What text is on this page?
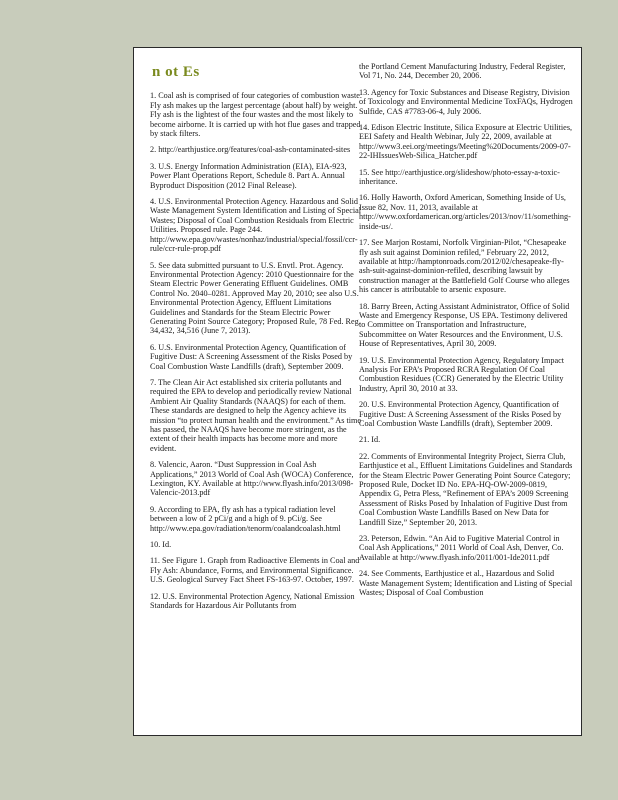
n ot Es

1. Coal ash is comprised of four categories of combustion waste. Fly ash makes up the largest percentage (about half) by weight. Fly ash is the lightest of the four wastes and the most likely to become airborne. It is carried up with hot flue gases and trapped by stack filters.

2. http://earthjustice.org/features/coal-ash-contaminated-sites

3. U.S. Energy Information Administration (EIA), EIA-923, Power Plant Operations Report, Schedule 8. Part A. Annual Byproduct Disposition (2012 Final Release).

4. U.S. Environmental Protection Agency. Hazardous and Solid Waste Management System Identification and Listing of Special Wastes; Disposal of Coal Combustion Residuals from Electric Utilities. Proposed rule. Page 244. http://www.epa.gov/wastes/nonhaz/industrial/special/fossil/ccr-rule/ccr-rule-prop.pdf

5. See data submitted pursuant to U.S. Envtl. Prot. Agency. Environmental Protection Agency: 2010 Questionnaire for the Steam Electric Power Generating Effluent Guidelines. OMB Control No. 2040–0281. Approved May 20, 2010; see also U.S. Environmental Protection Agency, Effluent Limitations Guidelines and Standards for the Steam Electric Power Generating Point Source Category; Proposed Rule, 78 Fed. Reg. 34,432, 34,516 (June 7, 2013).

6. U.S. Environmental Protection Agency, Quantification of Fugitive Dust: A Screening Assessment of the Risks Posed by Coal Combustion Waste Landfills (draft), September 2009.

7. The Clean Air Act established six criteria pollutants and required the EPA to develop and periodically review National Ambient Air Quality Standards (NAAQS) for each of them. These standards are designed to help the Agency achieve its mission “to protect human health and the environment.” As time has passed, the NAAQS have become more stringent, as the extent of their health impacts has become more and more evident.

8. Valencic, Aaron. “Dust Suppression in Coal Ash Applications,” 2013 World of Coal Ash (WOCA) Conference, Lexington, KY. Available at http://www.flyash.info/2013/098-Valencic-2013.pdf

9. According to EPA, fly ash has a typical radiation level between a low of 2 pCi/g and a high of 9. pCi/g. See http://www.epa.gov/radiation/tenorm/coalandcoalash.html

10. Id.

11. See Figure 1. Graph from Radioactive Elements in Coal and Fly Ash: Abundance, Forms, and Environmental Significance. U.S. Geological Survey Fact Sheet FS-163-97. October, 1997.

12. U.S. Environmental Protection Agency, National Emission Standards for Hazardous Air Pollutants from

the Portland Cement Manufacturing Industry, Federal Register, Vol 71, No. 244, December 20, 2006.

13. Agency for Toxic Substances and Disease Registry, Division of Toxicology and Environmental Medicine ToxFAQs, Hydrogen Sulfide, CAS #7783-06-4, July 2006.

14. Edison Electric Institute, Silica Exposure at Electric Utilities, EEI Safety and Health Webinar, July 22, 2009, available at http://www3.eei.org/meetings/Meeting%20Documents/2009-07-22-IHIssuesWeb-Silica_Hatcher.pdf

15. See http://earthjustice.org/slideshow/photo-essay-a-toxic-inheritance.

16. Holly Haworth, Oxford American, Something Inside of Us, Issue 82, Nov. 11, 2013, available at http://www.oxfordamerican.org/articles/2013/nov/11/something-inside-us/.

17. See Marjon Rostami, Norfolk Virginian-Pilot, “Chesapeake fly ash suit against Dominion refiled,” February 22, 2012, available at http://hamptonroads.com/2012/02/chesapeake-fly-ash-suit-against-dominion-refiled, describing lawsuit by construction manager at the Battlefield Golf Course who alleges his cancer is attributable to arsenic exposure.

18. Barry Breen, Acting Assistant Administrator, Office of Solid Waste and Emergency Response, US EPA. Testimony delivered to Committee on Transportation and Infrastructure, Subcommittee on Water Resources and the Environment, U.S. House of Representatives, April 30, 2009.

19. U.S. Environmental Protection Agency, Regulatory Impact Analysis For EPA’s Proposed RCRA Regulation Of Coal Combustion Residues (CCR) Generated by the Electric Utility Industry, April 30, 2010 at 33.

20. U.S. Environmental Protection Agency, Quantification of Fugitive Dust: A Screening Assessment of the Risks Posed by Coal Combustion Waste Landfills (draft), September 2009.

21. Id.

22. Comments of Environmental Integrity Project, Sierra Club, Earthjustice et al., Effluent Limitations Guidelines and Standards for the Steam Electric Power Generating Point Source Category; Proposed Rule, Docket ID No. EPA-HQ-OW-2009-0819, Appendix G, Petra Pless, “Refinement of EPA’s 2009 Screening Assessment of Risks Posed by Inhalation of Fugitive Dust from Coal Combustion Waste Landfills Based on New Data for Landfill Size,” September 20, 2013.

23. Peterson, Edwin. “An Aid to Fugitive Material Control in Coal Ash Applications,” 2011 World of Coal Ash, Denver, Co. Available at http://www.flyash.info/2011/001-Ide2011.pdf

24. See Comments, Earthjustice et al., Hazardous and Solid Waste Management System; Identification and Listing of Special Wastes; Disposal of Coal Combustion
